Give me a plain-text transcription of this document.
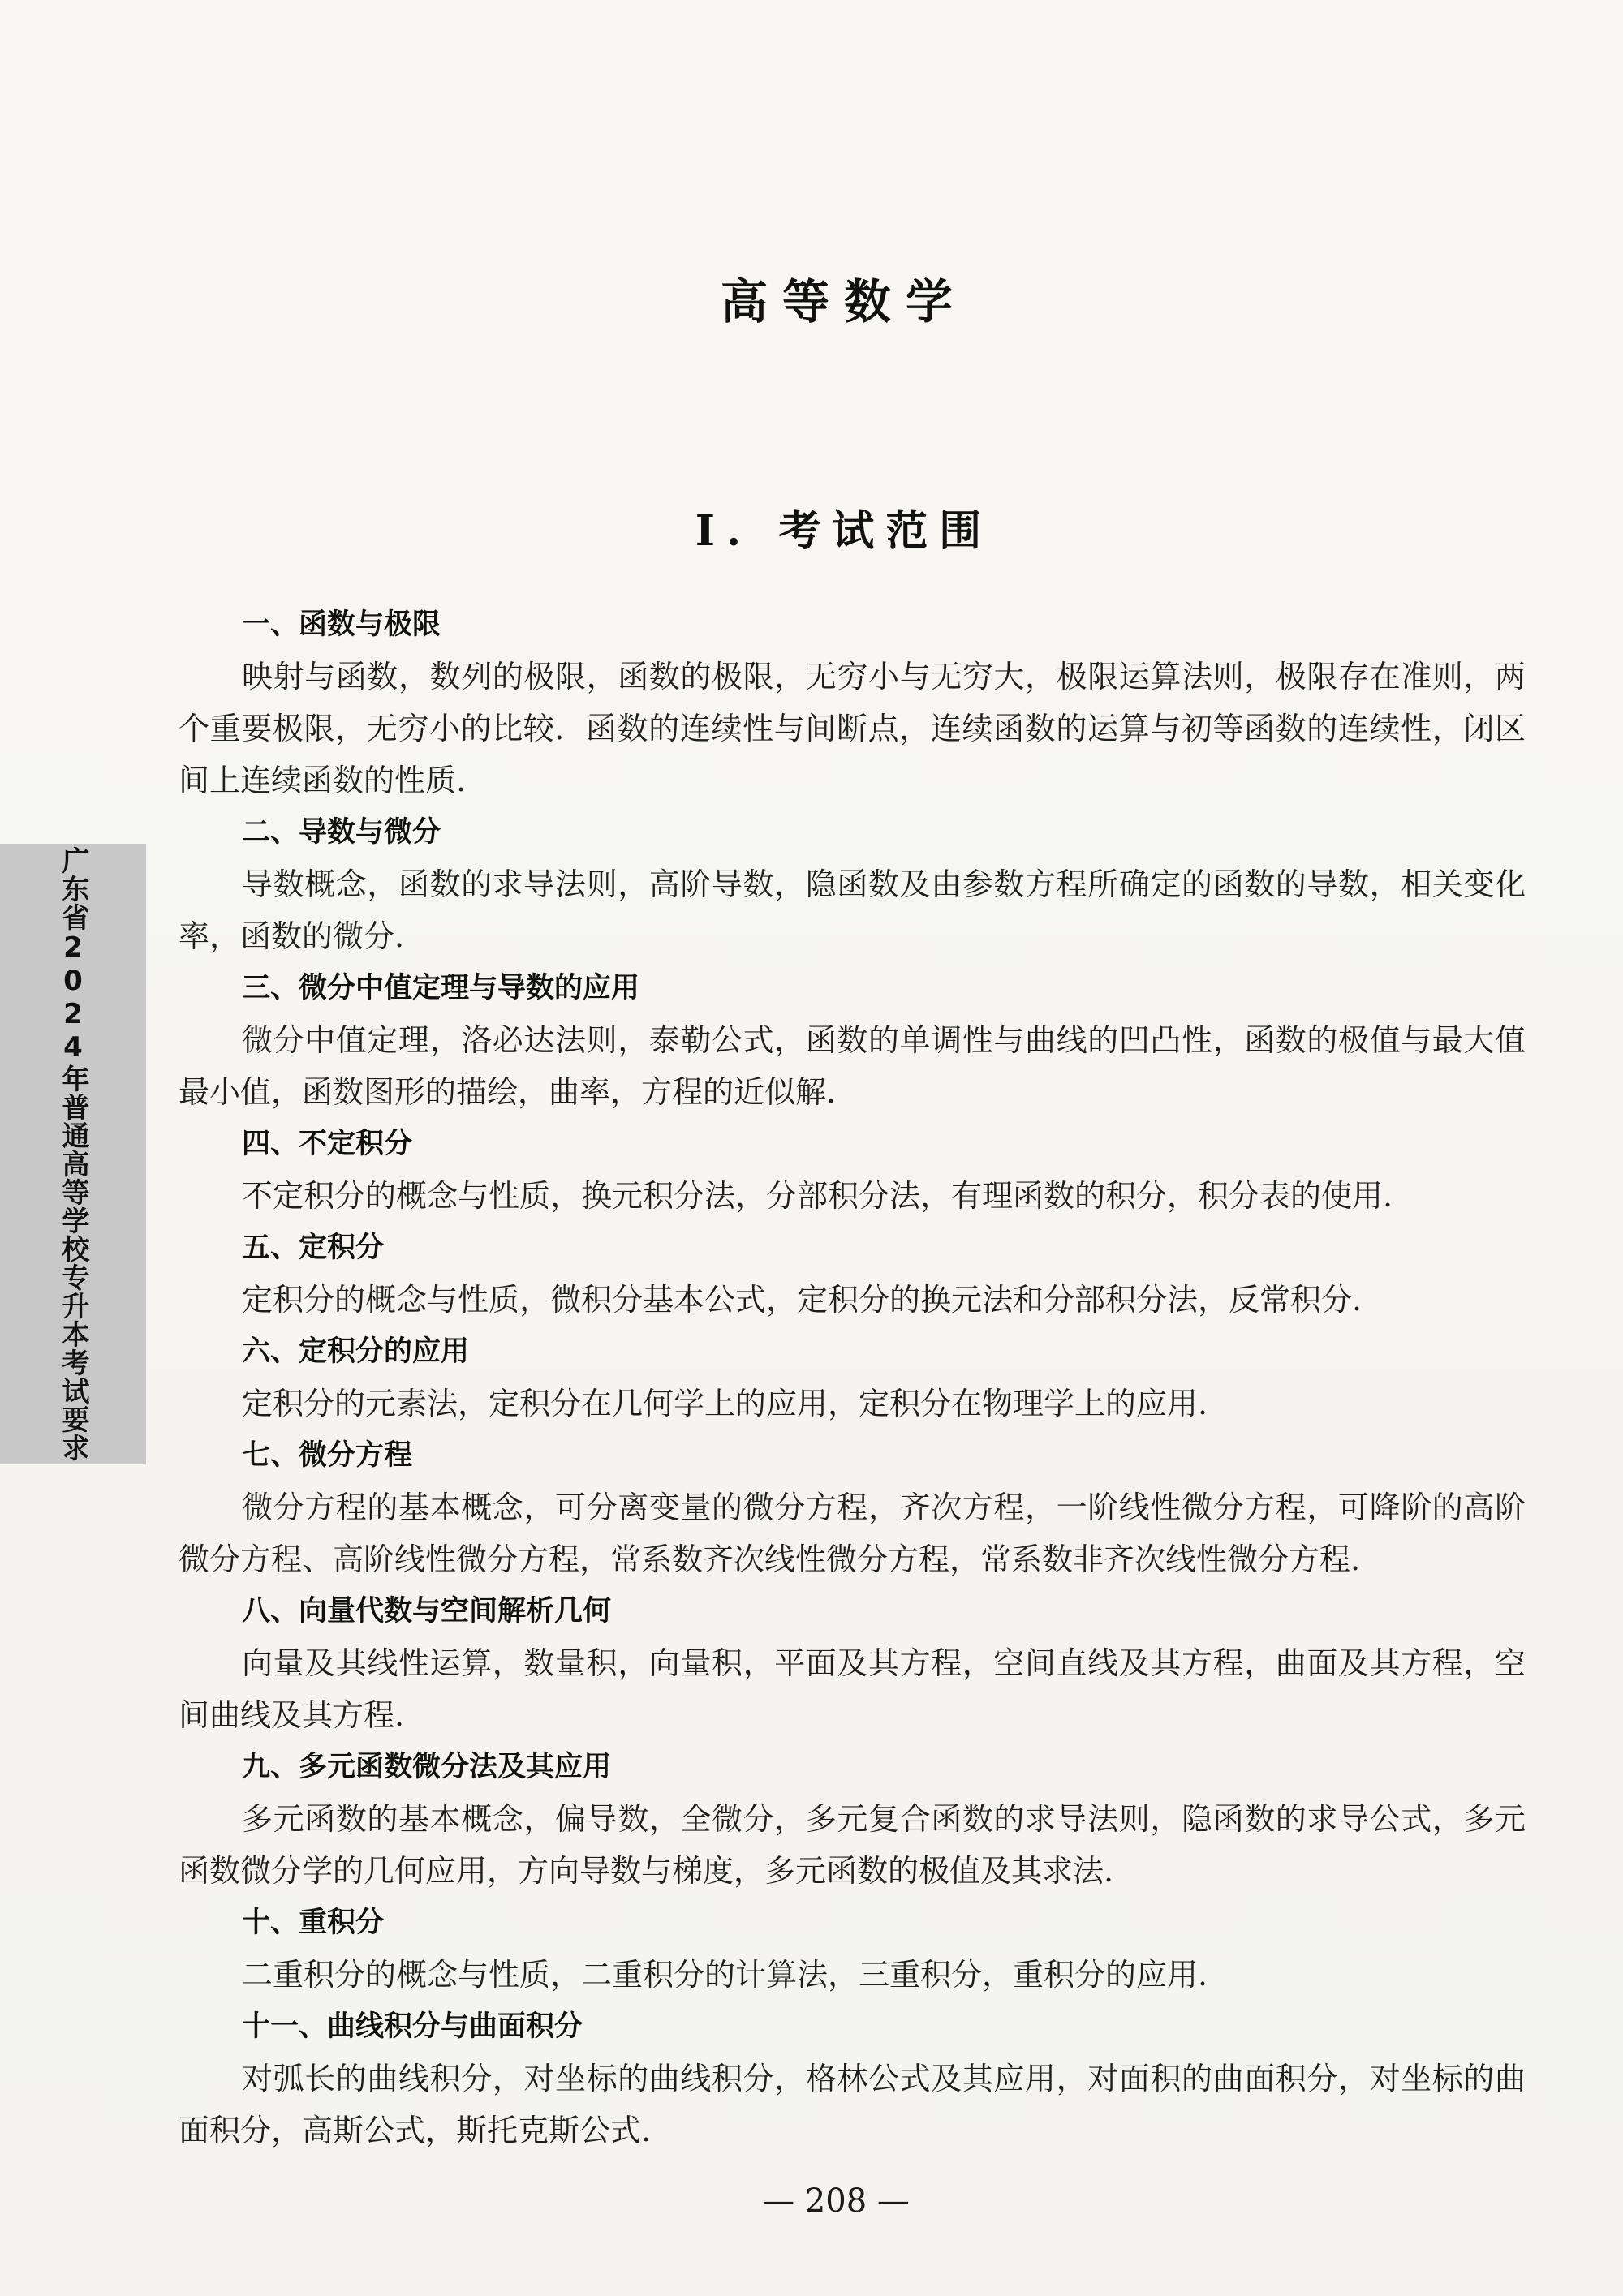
广东省2024年普通高等学校专升本考试要求
高等数学
I. 考试范围
一、函数与极限

映射与函数，数列的极限，函数的极限，无穷小与无穷大，极限运算法则，极限存在准则，两个重要极限，无穷小的比较．函数的连续性与间断点，连续函数的运算与初等函数的连续性，闭区间上连续函数的性质.

二、导数与微分

导数概念，函数的求导法则，高阶导数，隐函数及由参数方程所确定的函数的导数，相关变化率，函数的微分.

三、微分中值定理与导数的应用

微分中值定理，洛必达法则，泰勒公式，函数的单调性与曲线的凹凸性，函数的极值与最大值最小值，函数图形的描绘，曲率，方程的近似解.

四、不定积分

不定积分的概念与性质，换元积分法，分部积分法，有理函数的积分，积分表的使用.

五、定积分

定积分的概念与性质，微积分基本公式，定积分的换元法和分部积分法，反常积分.

六、定积分的应用

定积分的元素法，定积分在几何学上的应用，定积分在物理学上的应用.

七、微分方程

微分方程的基本概念，可分离变量的微分方程，齐次方程，一阶线性微分方程，可降阶的高阶微分方程、高阶线性微分方程，常系数齐次线性微分方程，常系数非齐次线性微分方程.

八、向量代数与空间解析几何

向量及其线性运算，数量积，向量积，平面及其方程，空间直线及其方程，曲面及其方程，空间曲线及其方程.

九、多元函数微分法及其应用

多元函数的基本概念，偏导数，全微分，多元复合函数的求导法则，隐函数的求导公式，多元函数微分学的几何应用，方向导数与梯度，多元函数的极值及其求法.

十、重积分

二重积分的概念与性质，二重积分的计算法，三重积分，重积分的应用.

十一、曲线积分与曲面积分

对弧长的曲线积分，对坐标的曲线积分，格林公式及其应用，对面积的曲面积分，对坐标的曲面积分，高斯公式，斯托克斯公式.

— 208 —
